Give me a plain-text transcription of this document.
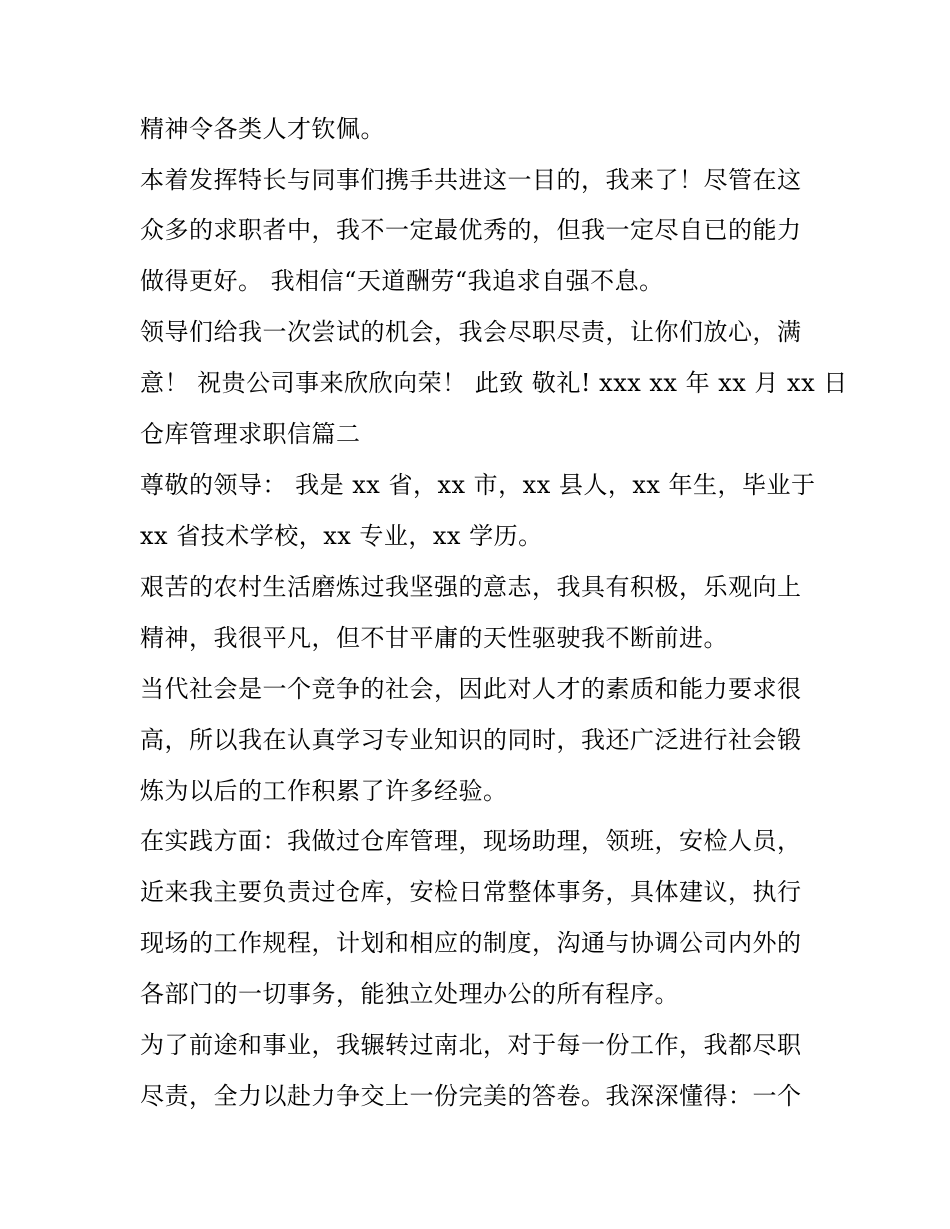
精神令各类人才钦佩。
本着发挥特长与同事们携手共进这一目的，我来了！尽管在这
众多的求职者中，我不一定最优秀的，但我一定尽自已的能力
做得更好。 我相信“天道酬劳“我追求自强不息。
领导们给我一次尝试的机会，我会尽职尽责，让你们放心，满
意！ 祝贵公司事来欣欣向荣！ 此致 敬礼! xxx xx 年 xx 月 xx 日
仓库管理求职信篇二
尊敬的领导： 我是 xx 省，xx 市，xx 县人，xx 年生，毕业于
xx 省技术学校，xx 专业，xx 学历。
艰苦的农村生活磨炼过我坚强的意志，我具有积极，乐观向上
精神，我很平凡，但不甘平庸的天性驱驶我不断前进。
当代社会是一个竞争的社会，因此对人才的素质和能力要求很
高，所以我在认真学习专业知识的同时，我还广泛进行社会锻
炼为以后的工作积累了许多经验。
在实践方面：我做过仓库管理，现场助理，领班，安检人员，
近来我主要负责过仓库，安检日常整体事务，具体建议，执行
现场的工作规程，计划和相应的制度，沟通与协调公司内外的
各部门的一切事务，能独立处理办公的所有程序。
为了前途和事业，我辗转过南北，对于每一份工作，我都尽职
尽责，全力以赴力争交上一份完美的答卷。我深深懂得：一个
